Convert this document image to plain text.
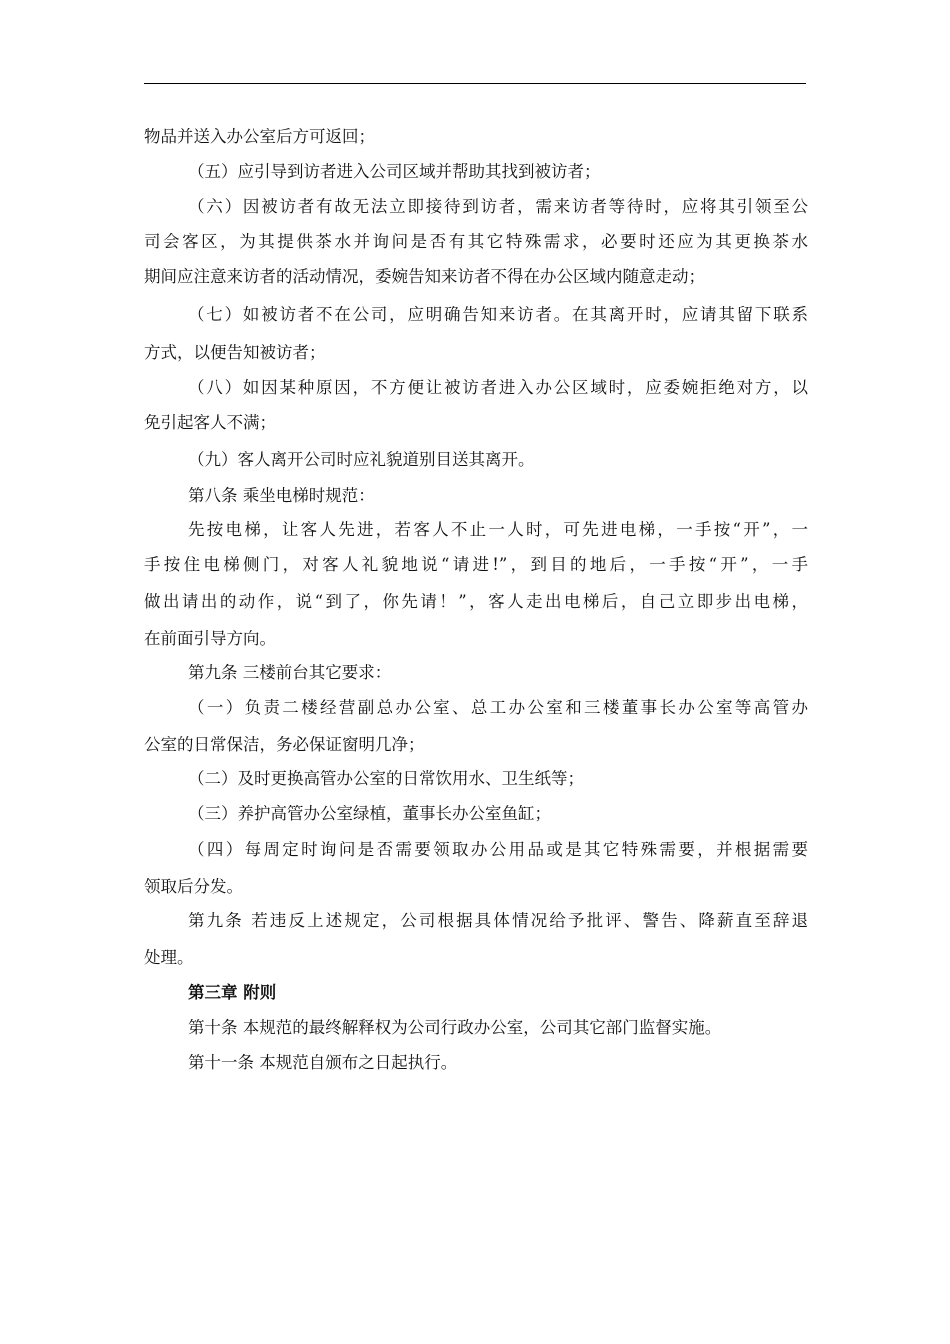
物品并送入办公室后方可返回；
（五）应引导到访者进入公司区域并帮助其找到被访者；
（六）因被访者有故无法立即接待到访者，需来访者等待时，应将其引领至公
司会客区，为其提供茶水并询问是否有其它特殊需求，必要时还应为其更换茶水
期间应注意来访者的活动情况，委婉告知来访者不得在办公区域内随意走动；
（七）如被访者不在公司，应明确告知来访者。在其离开时，应请其留下联系
方式，以便告知被访者；
（八）如因某种原因，不方便让被访者进入办公区域时，应委婉拒绝对方，以
免引起客人不满；
（九）客人离开公司时应礼貌道别目送其离开。
第八条 乘坐电梯时规范：
先按电梯，让客人先进，若客人不止一人时，可先进电梯，一手按“开”，一
手按住电梯侧门，对客人礼貌地说“请进!”，到目的地后，一手按“开”，一手
做出请出的动作，说“到了，你先请！”，客人走出电梯后，自己立即步出电梯，
在前面引导方向。
第九条 三楼前台其它要求：
（一）负责二楼经营副总办公室、总工办公室和三楼董事长办公室等高管办
公室的日常保洁，务必保证窗明几净；
（二）及时更换高管办公室的日常饮用水、卫生纸等；
（三）养护高管办公室绿植，董事长办公室鱼缸；
（四）每周定时询问是否需要领取办公用品或是其它特殊需要，并根据需要
领取后分发。
第九条 若违反上述规定，公司根据具体情况给予批评、警告、降薪直至辞退
处理。
第三章 附则
第十条 本规范的最终解释权为公司行政办公室，公司其它部门监督实施。
第十一条 本规范自颁布之日起执行。
